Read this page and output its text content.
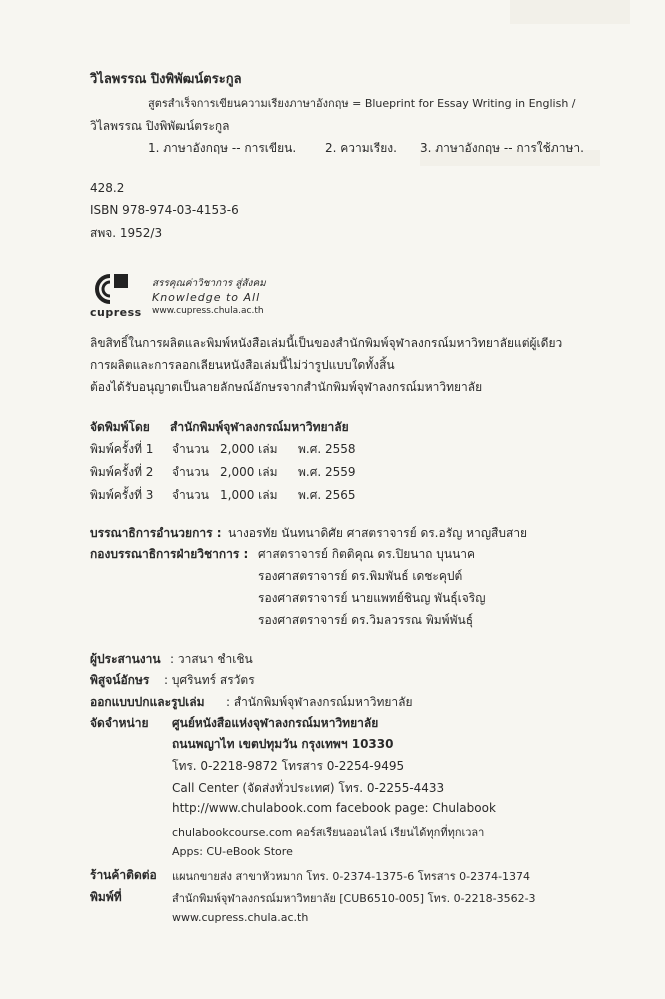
วิไลพรรณ ปิงพิพัฒน์ตระกูล
สูตรสำเร็จการเขียนความเรียงภาษาอังกฤษ = Blueprint for Essay Writing in English /
วิไลพรรณ ปิงพิพัฒน์ตระกูล
1. ภาษาอังกฤษ -- การเขียน. 2. ความเรียง. 3. ภาษาอังกฤษ -- การใช้ภาษา.
428.2
ISBN 978-974-03-4153-6
สพจ. 1952/3
cupress
สรรคุณค่าวิชาการ สู่สังคม
Knowledge to All
www.cupress.chula.ac.th
ลิขสิทธิ์ในการผลิตและพิมพ์หนังสือเล่มนี้เป็นของสำนักพิมพ์จุฬาลงกรณ์มหาวิทยาลัยแต่ผู้เดียว
การผลิตและการลอกเลียนหนังสือเล่มนี้ไม่ว่ารูปแบบใดทั้งสิ้น
ต้องได้รับอนุญาตเป็นลายลักษณ์อักษรจากสำนักพิมพ์จุฬาลงกรณ์มหาวิทยาลัย
จัดพิมพ์โดย สำนักพิมพ์จุฬาลงกรณ์มหาวิทยาลัย
พิมพ์ครั้งที่ 1 จำนวน 2,000 เล่ม พ.ศ. 2558
พิมพ์ครั้งที่ 2 จำนวน 2,000 เล่ม พ.ศ. 2559
พิมพ์ครั้งที่ 3 จำนวน 1,000 เล่ม พ.ศ. 2565
บรรณาธิการอำนวยการ : นางอรทัย นันทนาดิศัย ศาสตราจารย์ ดร.อรัญ หาญสืบสาย
กองบรรณาธิการฝ่ายวิชาการ : ศาสตราจารย์ กิตติคุณ ดร.ปิยนาถ บุนนาค
รองศาสตราจารย์ ดร.พิมพันธ์ เดชะคุปต์
รองศาสตราจารย์ นายแพทย์ชินญ พันธุ์เจริญ
รองศาสตราจารย์ ดร.วิมลวรรณ พิมพ์พันธุ์
ผู้ประสานงาน : วาสนา ชำเชิน
พิสูจน์อักษร : บุศรินทร์ สรวัตร
ออกแบบปกและรูปเล่ม : สำนักพิมพ์จุฬาลงกรณ์มหาวิทยาลัย
จัดจำหน่าย ศูนย์หนังสือแห่งจุฬาลงกรณ์มหาวิทยาลัย
ถนนพญาไท เขตปทุมวัน กรุงเทพฯ 10330
โทร. 0-2218-9872 โทรสาร 0-2254-9495
Call Center (จัดส่งทั่วประเทศ) โทร. 0-2255-4433
http://www.chulabook.com facebook page: Chulabook
chulabookcourse.com คอร์สเรียนออนไลน์ เรียนได้ทุกที่ทุกเวลา
Apps: CU-eBook Store
ร้านค้าติดต่อ แผนกขายส่ง สาขาหัวหมาก โทร. 0-2374-1375-6 โทรสาร 0-2374-1374
พิมพ์ที่	สำนักพิมพ์จุฬาลงกรณ์มหาวิทยาลัย [CUB6510-005] โทร. 0-2218-3562-3
www.cupress.chula.ac.th
